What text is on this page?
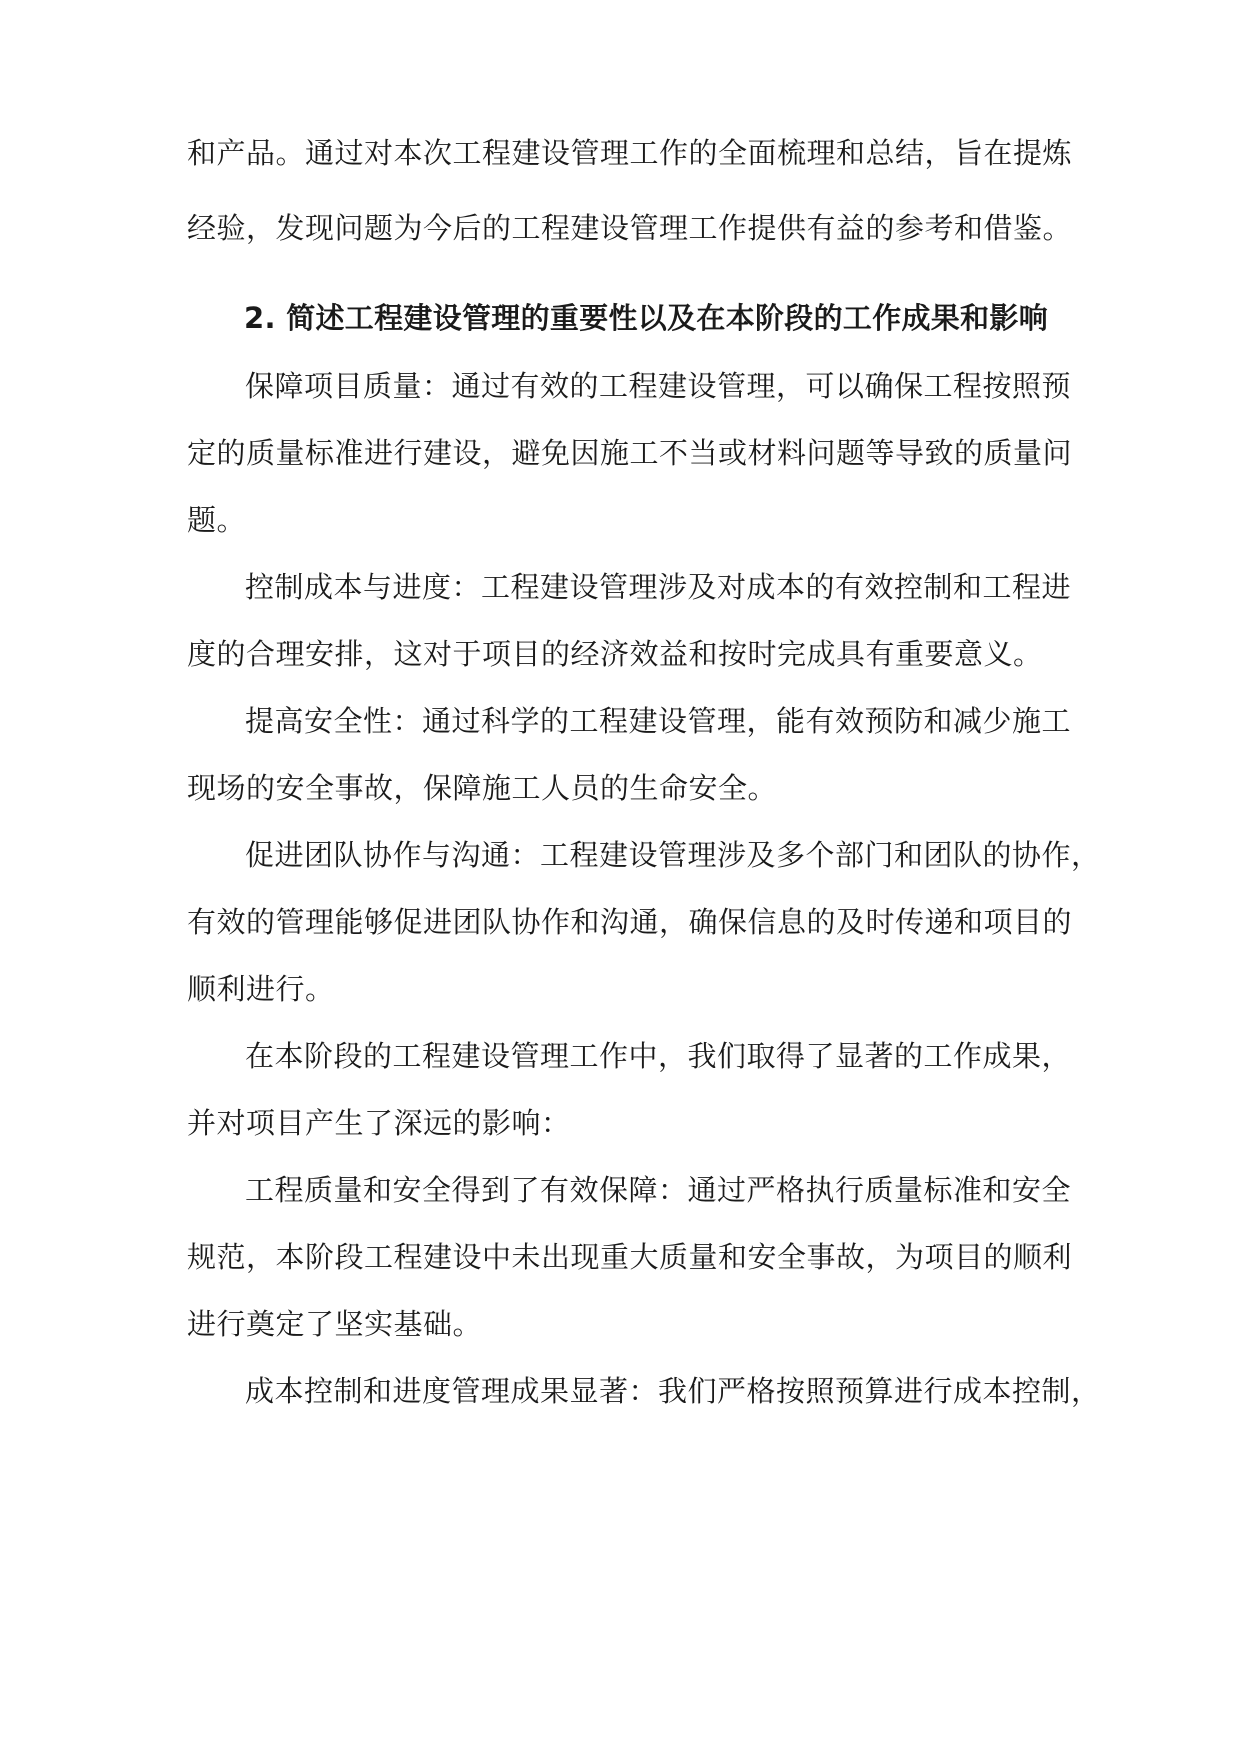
和产品。通过对本次工程建设管理工作的全面梳理和总结，旨在提炼
经验，发现问题为今后的工程建设管理工作提供有益的参考和借鉴。
2. 简述工程建设管理的重要性以及在本阶段的工作成果和影响
保障项目质量：通过有效的工程建设管理，可以确保工程按照预
定的质量标准进行建设，避免因施工不当或材料问题等导致的质量问
题。
控制成本与进度：工程建设管理涉及对成本的有效控制和工程进
度的合理安排，这对于项目的经济效益和按时完成具有重要意义。
提高安全性：通过科学的工程建设管理，能有效预防和减少施工
现场的安全事故，保障施工人员的生命安全。
促进团队协作与沟通：工程建设管理涉及多个部门和团队的协作，
有效的管理能够促进团队协作和沟通，确保信息的及时传递和项目的
顺利进行。
在本阶段的工程建设管理工作中，我们取得了显著的工作成果，
并对项目产生了深远的影响：
工程质量和安全得到了有效保障：通过严格执行质量标准和安全
规范，本阶段工程建设中未出现重大质量和安全事故，为项目的顺利
进行奠定了坚实基础。
成本控制和进度管理成果显著：我们严格按照预算进行成本控制，
